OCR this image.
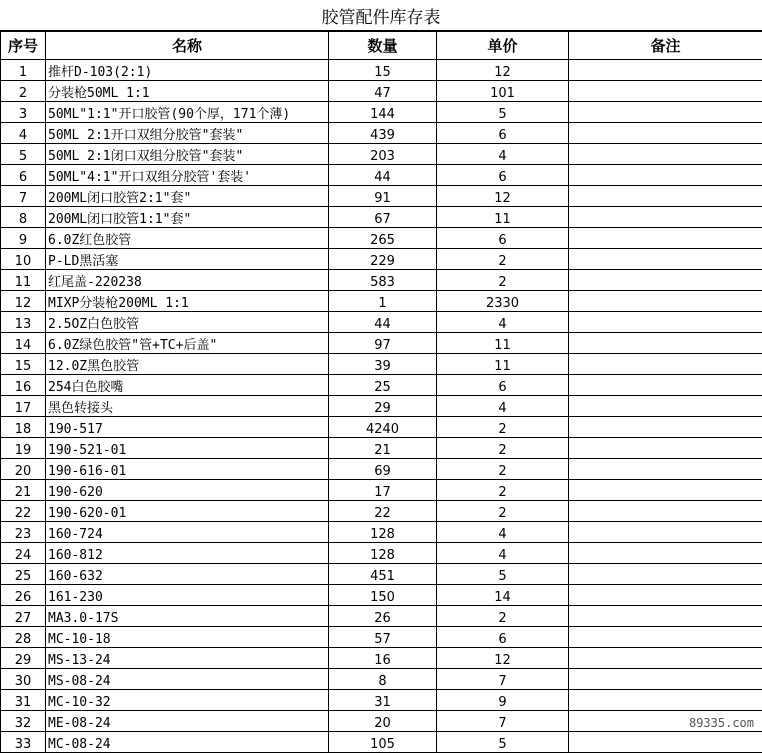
胶管配件库存表
序号	名称	数量	单价	备注
1	推杆D-103(2:1)	15	12	
2	分装枪50ML 1:1	47	101	
3	50ML"1:1"开口胶管(90个厚，171个薄)	144	5	
4	50ML 2:1开口双组分胶管"套装"	439	6	
5	50ML 2:1闭口双组分胶管"套装"	203	4	
6	50ML"4:1"开口双组分胶管'套装'	44	6	
7	200ML闭口胶管2:1"套"	91	12	
8	200ML闭口胶管1:1"套"	67	11	
9	6.0Z红色胶管	265	6	
10	P-LD黑活塞	229	2	
11	红尾盖-220238	583	2	
12	MIXP分装枪200ML 1:1	1	2330	
13	2.5OZ白色胶管	44	4	
14	6.0Z绿色胶管"管+TC+后盖"	97	11	
15	12.0Z黑色胶管	39	11	
16	254白色胶嘴	25	6	
17	黑色转接头	29	4	
18	190-517	4240	2	
19	190-521-01	21	2	
20	190-616-01	69	2	
21	190-620	17	2	
22	190-620-01	22	2	
23	160-724	128	4	
24	160-812	128	4	
25	160-632	451	5	
26	161-230	150	14	
27	MA3.0-17S	26	2	
28	MC-10-18	57	6	
29	MS-13-24	16	12	
30	MS-08-24	8	7	
31	MC-10-32	31	9	
32	ME-08-24	20	7	
33	MC-08-24	105	5	
89335.com
